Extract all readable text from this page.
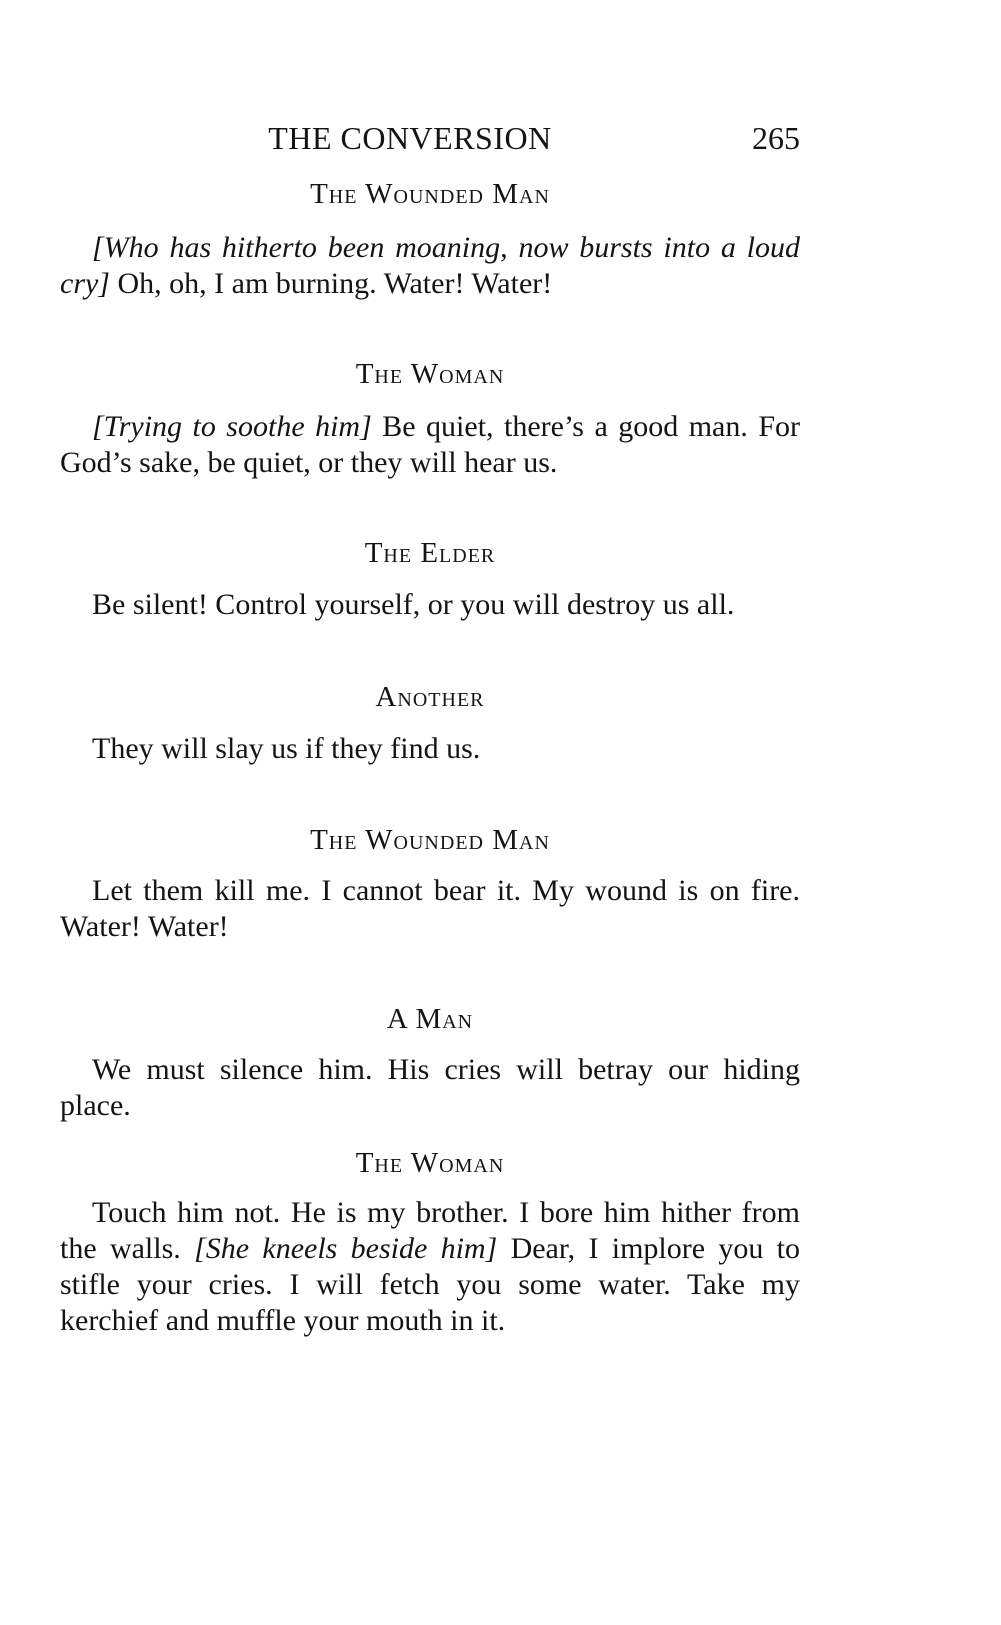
THE CONVERSION	265
The Wounded Man

[Who has hitherto been moaning, now bursts into a loud cry] Oh, oh, I am burning. Water! Water!

The Woman

[Trying to soothe him] Be quiet, there’s a good man. For God’s sake, be quiet, or they will hear us.

The Elder

Be silent! Control yourself, or you will destroy us all.

Another

They will slay us if they find us.

The Wounded Man

Let them kill me. I cannot bear it. My wound is on fire. Water! Water!

A Man

We must silence him. His cries will betray our hiding place.

The Woman

Touch him not. He is my brother. I bore him hither from the walls. [She kneels beside him] Dear, I implore you to stifle your cries. I will fetch you some water. Take my kerchief and muffle your mouth in it.
